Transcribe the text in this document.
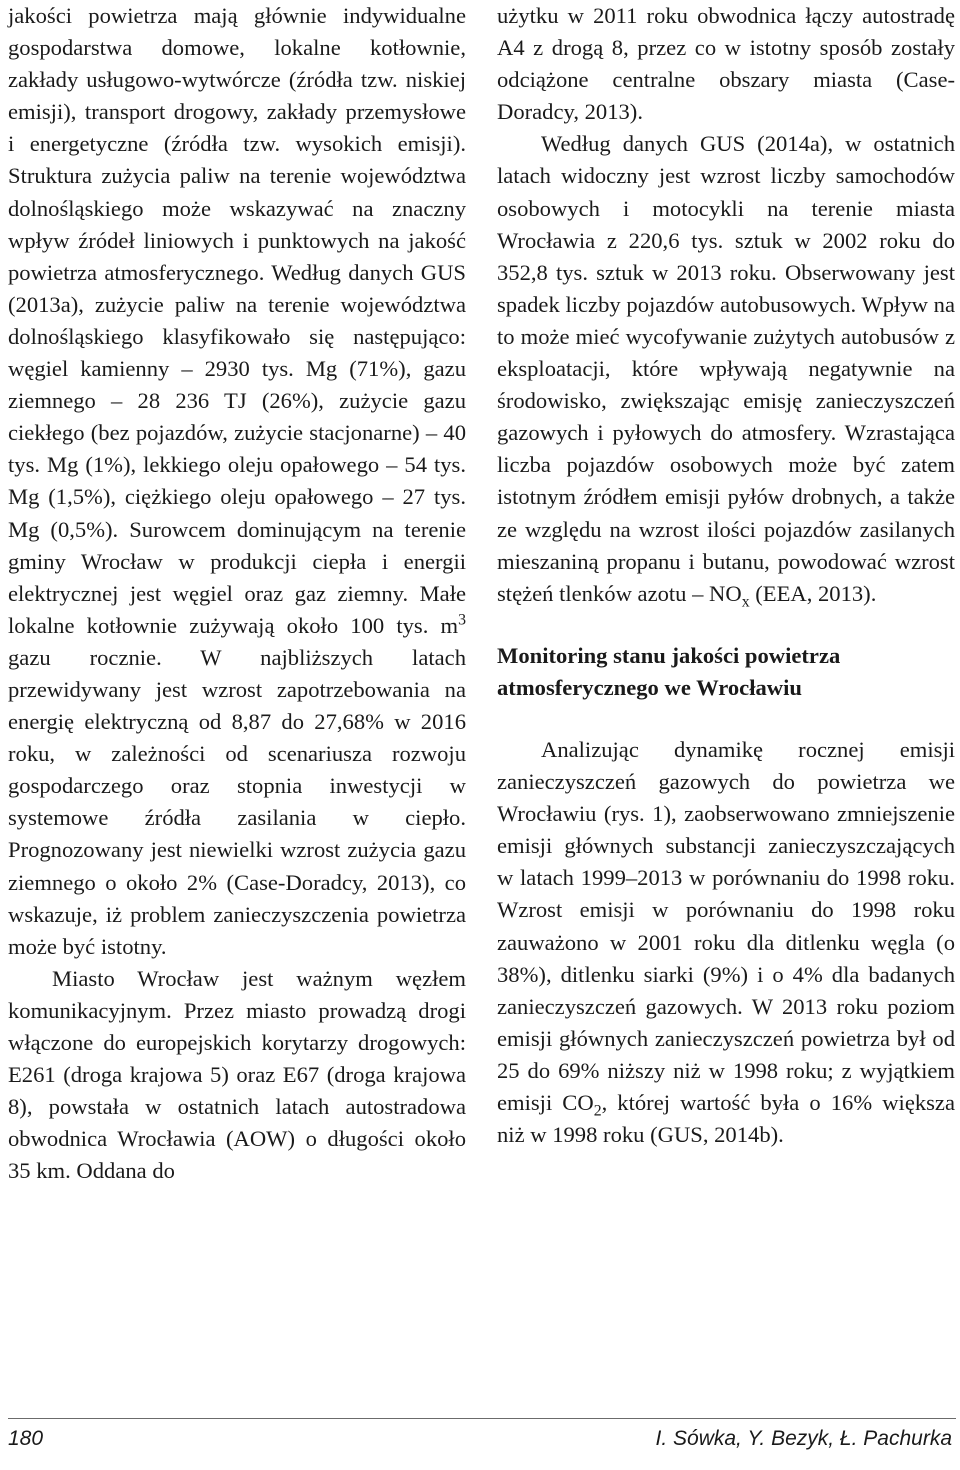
jakości powietrza mają głównie indywidualne gospodarstwa domowe, lokalne kotłownie, zakłady usługowo-wytwórcze (źródła tzw. niskiej emisji), transport drogowy, zakłady przemysłowe i energetyczne (źródła tzw. wysokich emisji). Struktura zużycia paliw na terenie województwa dolnośląskiego może wskazywać na znaczny wpływ źródeł liniowych i punktowych na jakość powietrza atmosferycznego. Według danych GUS (2013a), zużycie paliw na terenie województwa dolnośląskiego klasyfikowało się następująco: węgiel kamienny – 2930 tys. Mg (71%), gazu ziemnego – 28 236 TJ (26%), zużycie gazu ciekłego (bez pojazdów, zużycie stacjonarne) – 40 tys. Mg (1%), lekkiego oleju opałowego – 54 tys. Mg (1,5%), ciężkiego oleju opałowego – 27 tys. Mg (0,5%). Surowcem dominującym na terenie gminy Wrocław w produkcji ciepła i energii elektrycznej jest węgiel oraz gaz ziemny. Małe lokalne kotłownie zużywają około 100 tys. $m^3$ gazu rocznie. W najbliższych latach przewidywany jest wzrost zapotrzebowania na energię elektryczną od 8,87 do 27,68% w 2016 roku, w zależności od scenariusza rozwoju gospodarczego oraz stopnia inwestycji w systemowe źródła zasilania w ciepło. Prognozowany jest niewielki wzrost zużycia gazu ziemnego o około 2% (Case-Doradcy, 2013), co wskazuje, iż problem zanieczyszczenia powietrza może być istotny.

Miasto Wrocław jest ważnym węzłem komunikacyjnym. Przez miasto prowadzą drogi włączone do europejskich korytarzy drogowych: E261 (droga krajowa 5) oraz E67 (droga krajowa 8), powstała w ostatnich latach autostradowa obwodnica Wrocławia (AOW) o długości około 35 km. Oddana do

użytku w 2011 roku obwodnica łączy autostradę A4 z drogą 8, przez co w istotny sposób zostały odciążone centralne obszary miasta (Case-Doradcy, 2013).

Według danych GUS (2014a), w ostatnich latach widoczny jest wzrost liczby samochodów osobowych i motocykli na terenie miasta Wrocławia z 220,6 tys. sztuk w 2002 roku do 352,8 tys. sztuk w 2013 roku. Obserwowany jest spadek liczby pojazdów autobusowych. Wpływ na to może mieć wycofywanie zużytych autobusów z eksploatacji, które wpływają negatywnie na środowisko, zwiększając emisję zanieczyszczeń gazowych i pyłowych do atmosfery. Wzrastająca liczba pojazdów osobowych może być zatem istotnym źródłem emisji pyłów drobnych, a także ze względu na wzrost ilości pojazdów zasilanych mieszaniną propanu i butanu, powodować wzrost stężeń tlenków azotu – $NO_x$ (EEA, 2013).

Monitoring stanu jakości powietrza atmosferycznego we Wrocławiu

Analizując dynamikę rocznej emisji zanieczyszczeń gazowych do powietrza we Wrocławiu (rys. 1), zaobserwowano zmniejszenie emisji głównych substancji zanieczyszczających w latach 1999–2013 w porównaniu do 1998 roku. Wzrost emisji w porównaniu do 1998 roku zauważono w 2001 roku dla ditlenku węgla (o 38%), ditlenku siarki (9%) i o 4% dla badanych zanieczyszczeń gazowych. W 2013 roku poziom emisji głównych zanieczyszczeń powietrza był od 25 do 69% niższy niż w 1998 roku; z wyjątkiem emisji $CO_2$, której wartość była o 16% większa niż w 1998 roku (GUS, 2014b).

180	I. Sówka, Y. Bezyk, Ł. Pachurka
